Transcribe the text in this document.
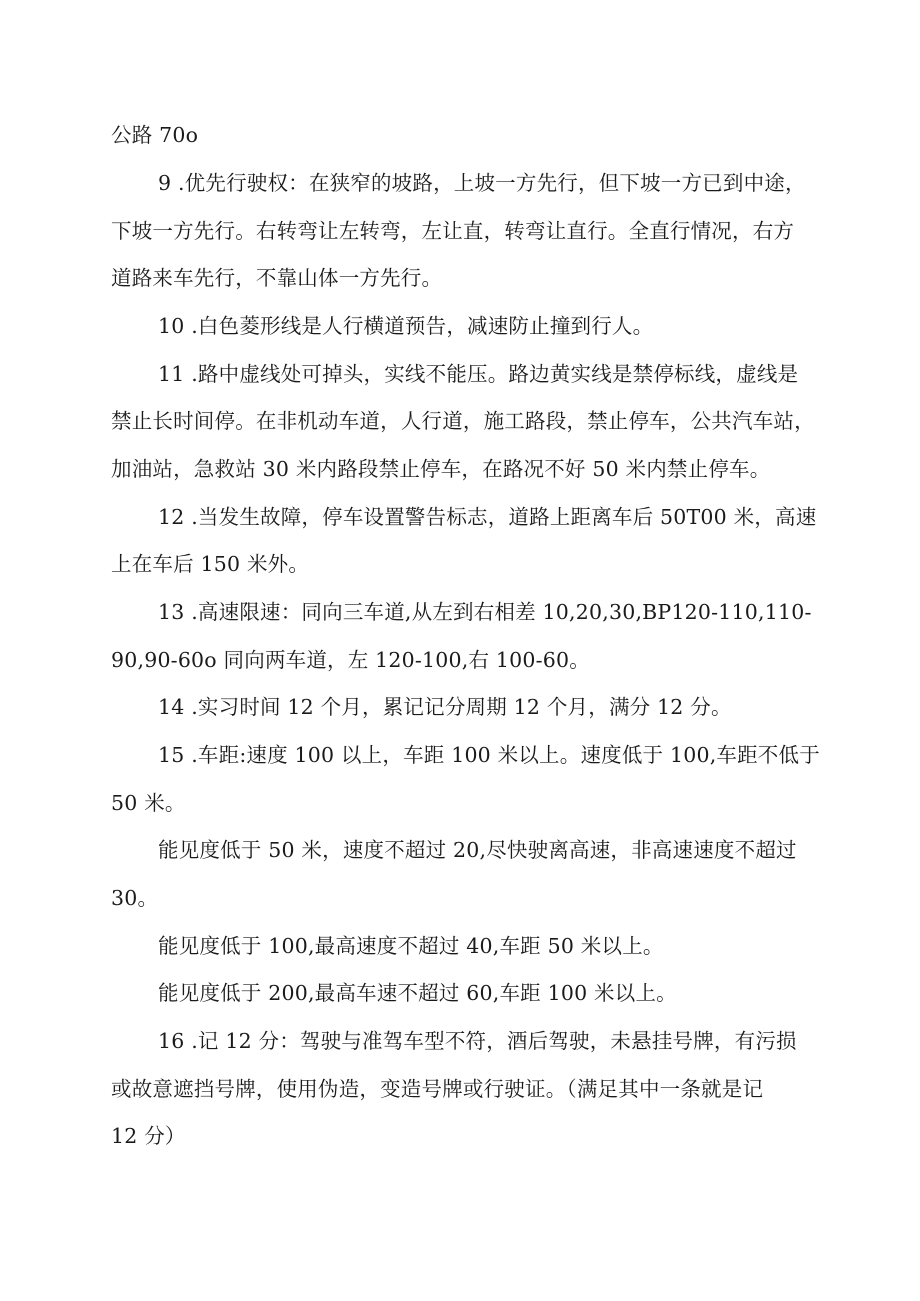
公路 70o
9 .优先行驶权：在狭窄的坡路，上坡一方先行，但下坡一方已到中途，
下坡一方先行。右转弯让左转弯，左让直，转弯让直行。全直行情况，右方
道路来车先行，不靠山体一方先行。
10 .白色菱形线是人行横道预告，减速防止撞到行人。
11 .路中虚线处可掉头，实线不能压。路边黄实线是禁停标线，虚线是
禁止长时间停。在非机动车道，人行道，施工路段，禁止停车，公共汽车站，
加油站，急救站 30 米内路段禁止停车，在路况不好 50 米内禁止停车。
12 .当发生故障，停车设置警告标志，道路上距离车后 50T00 米，高速
上在车后 150 米外。
13 .高速限速：同向三车道,从左到右相差 10,20,30,BP120-110,110-
90,90-60o 同向两车道，左 120-100,右 100-60。
14 .实习时间 12 个月，累记记分周期 12 个月，满分 12 分。
15 .车距:速度 100 以上，车距 100 米以上。速度低于 100,车距不低于
50 米。
能见度低于 50 米，速度不超过 20,尽快驶离高速，非高速速度不超过
30。
能见度低于 100,最高速度不超过 40,车距 50 米以上。
能见度低于 200,最高车速不超过 60,车距 100 米以上。
16 .记 12 分：驾驶与准驾车型不符，酒后驾驶，未悬挂号牌，有污损
或故意遮挡号牌，使用伪造，变造号牌或行驶证。（满足其中一条就是记
12 分）
